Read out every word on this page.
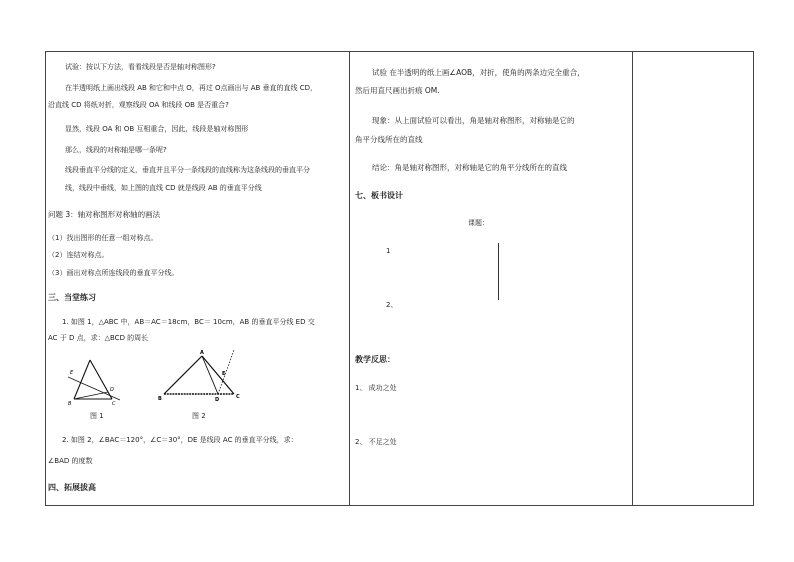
试验：按以下方法，看看线段是否是轴对称图形?
在半透明纸上画出线段 AB 和它和中点 O，再过 O点画出与 AB 垂直的直线 CD，
沿直线 CD 将纸对折，观察线段 OA 和线段 OB 是否重合?
显然，线段 OA 和 OB 互相重合，因此，线段是轴对称图形
那么，线段的对称轴是哪一条呢?
线段垂直平分线的定义，垂直并且平分一条线段的直线称为这条线段的垂直平分
线，线段中垂线，如上图的直线 CD 就是线段 AB 的垂直平分线
问题 3：轴对称图形对称轴的画法
（1）找出图形的任意一组对称点。
（2）连结对称点。
（3）画出对称点所连线段的垂直平分线。
三、当堂练习
1. 如图 1，△ABC 中，AB＝AC＝18cm，BC＝ 10cm，AB 的垂直平分线 ED 交
AC 于 D 点，求：△BCD 的周长
E
D
B	C
图 1
A
E
B	D	C
图 2
2. 如图 2，∠BAC＝120°，∠C＝30°，DE 是线段 AC 的垂直平分线，求：
∠BAD 的度数
四、拓展拔高
试验 在半透明的纸上画∠AOB，对折，使角的两条边完全重合，
然后用直尺画出折痕 OM.
现象：从上面试验可以看出，角是轴对称图形，对称轴是它的
角平分线所在的直线
结论：角是轴对称图形，对称轴是它的角平分线所在的直线
七、板书设计
课题：
1
2、
教学反思：
1、 成功之处
2、 不足之处
